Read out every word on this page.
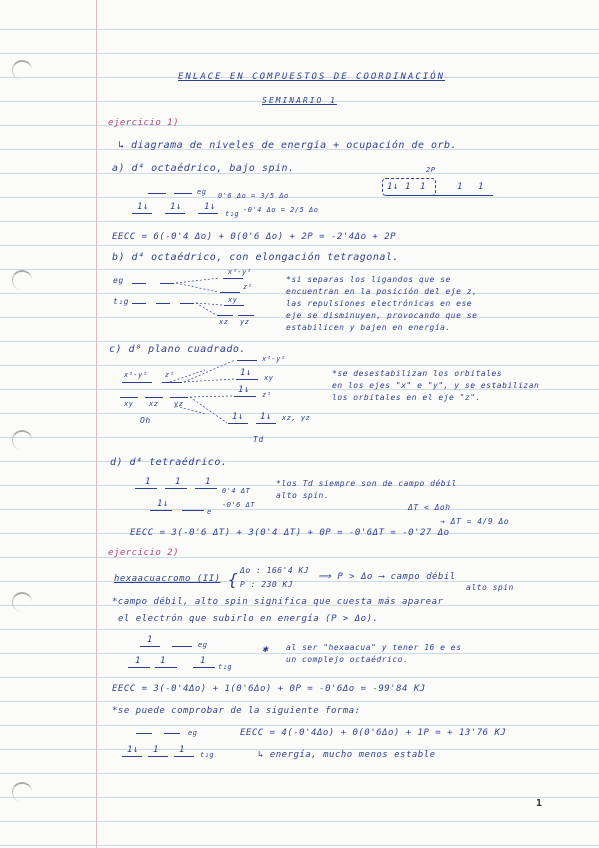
ENLACE EN COMPUESTOS DE COORDINACIÓN
SEMINARIO 1
ejercicio 1)
↳ diagrama de niveles de energía + ocupación de orb.
a) d⁴ octaédrico, bajo spin.	2P
1↓ 1 1	1 1
eg 0'6 Δo = 3/5 Δo
1↓ 1↓ 1↓
t₂g -0'4 Δo = 2/5 Δo
EECC = 6(-0'4 Δo) + 0(0'6 Δo) + 2P = -2'4Δo + 2P
b) d⁴ octaédrico, con elongación tetragonal.
eg
x²-y²
z²
t₂g	xy
xz yz
*si separas los ligandos que se
encuentran en la posición del eje z,
las repulsiones electrónicas en ese
eje se disminuyen, provocando que se
estabilicen y bajen en energía.
c) d⁸ plano cuadrado.
x²-y² z²
xy xz yz
Oh
x²-y²
1↓ xy
1↓ z²
1↓ 1↓ xz, yz
*se desestabilizan los orbitales
en los ejes "x" e "y", y se estabilizan
los orbitales en el eje "z".
Td
d) d⁴ tetraédrico.
1	1	1
0'4 ΔT
1↓
e
-0'6 ΔT
*los Td siempre son de campo débil
alto spin.
ΔT < Δoh
→ ΔT = 4/9 Δo
EECC = 3(-0'6 ΔT) + 3(0'4 ΔT) + 0P = -0'6ΔT = -0'27 Δo
ejercicio 2)
hexaacuacromo (II) { Δo : 166'4 KJ
P : 230 KJ
⟹ P > Δo ⟶ campo débil
alto spin
*campo débil, alto spin significa que cuesta más aparear
el electrón que subirlo en energía (P > Δo).
1	eg
1 1	1
t₂g
✱ al ser "hexaacua" y tener 16 e es
un complejo octaédrico.
EECC = 3(-0'4Δo) + 1(0'6Δo) + 0P = -0'6Δo = -99'84 KJ
*se puede comprobar de la siguiente forma:
eg	EECC = 4(-0'4Δo) + 0(0'6Δo) + 1P = + 13'76 KJ
1↓ 1 1 t₂g	↳ energía, mucho menos estable
1
